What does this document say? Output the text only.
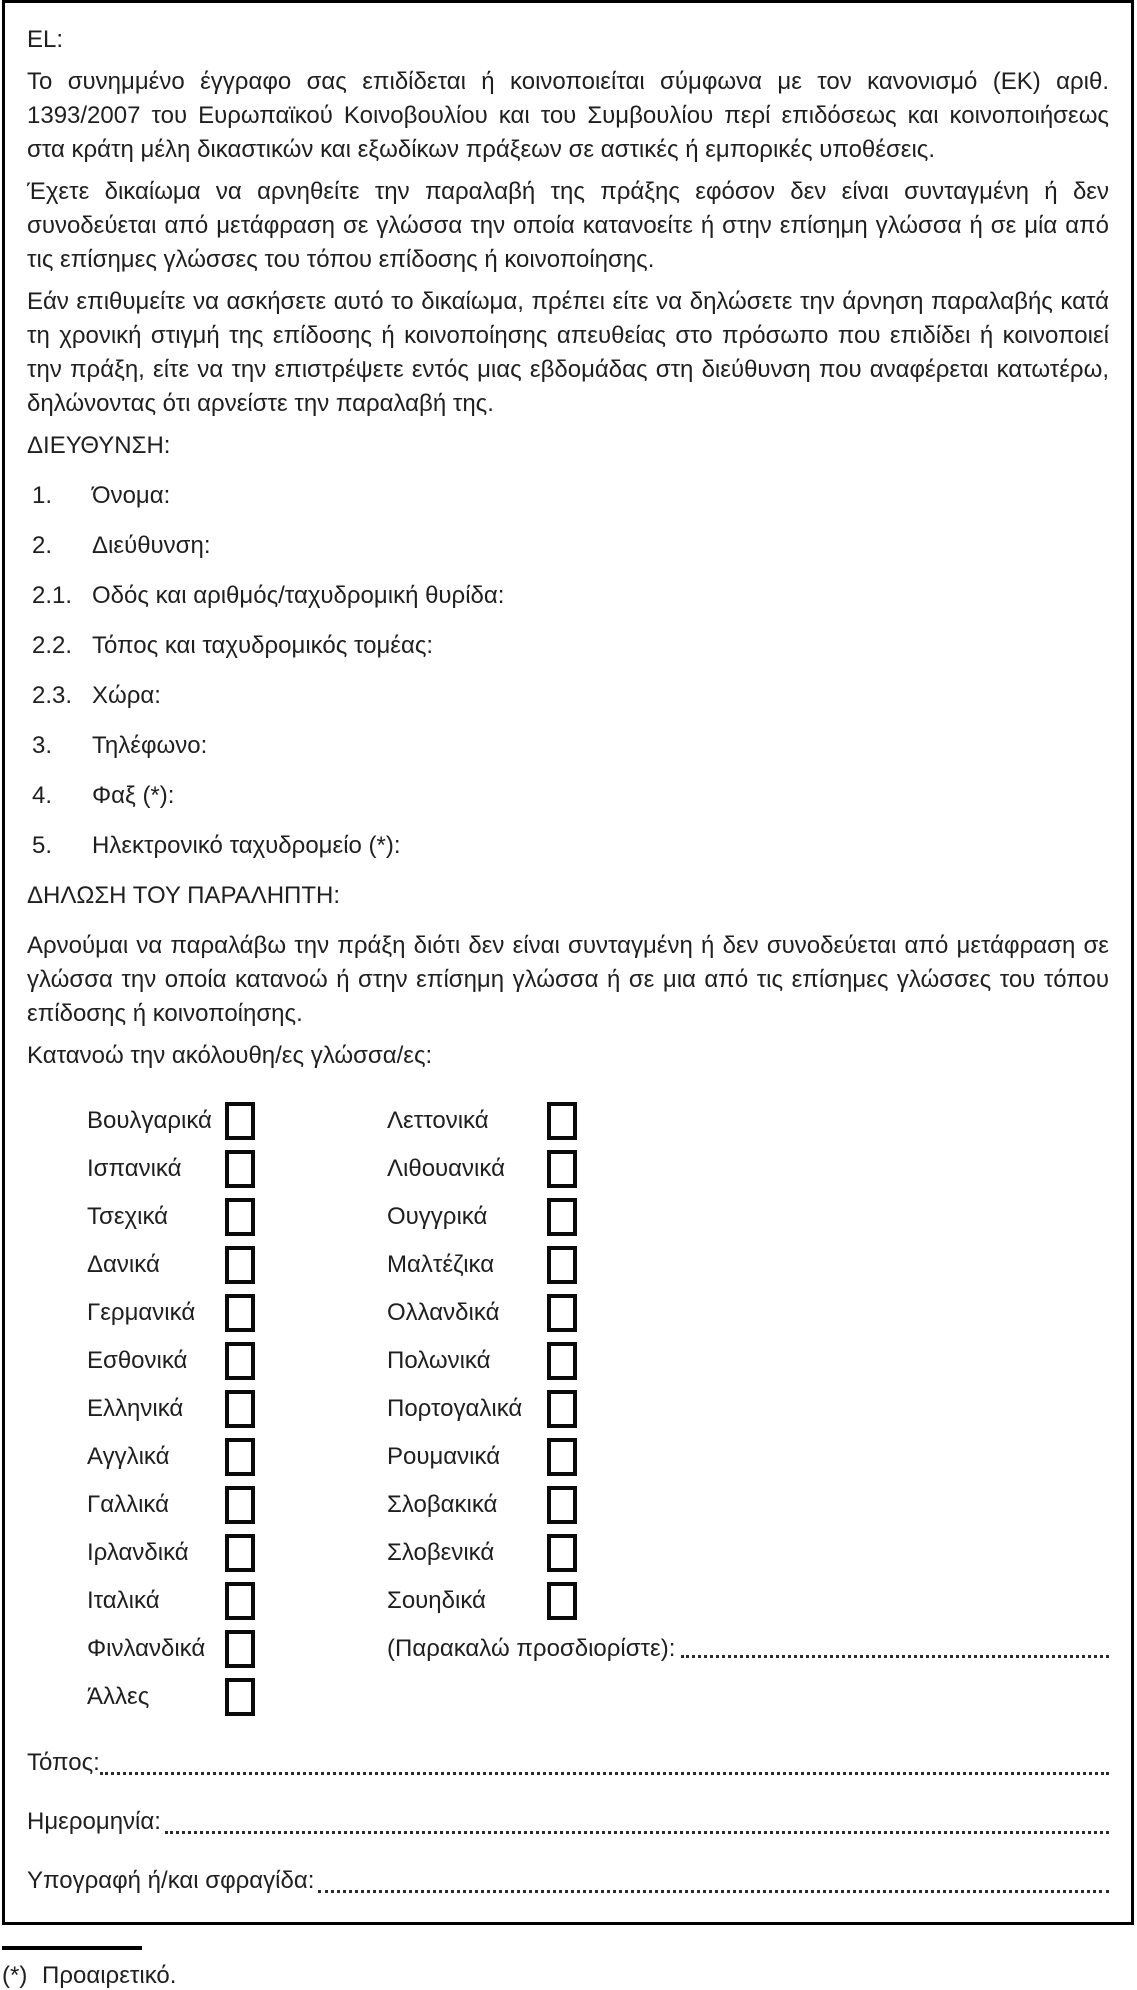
EL:

Το συνημμένο έγγραφο σας επιδίδεται ή κοινοποιείται σύμφωνα με τον κανονισμό (ΕΚ) αριθ. 1393/2007 του Ευρωπαϊκού Κοινοβουλίου και του Συμβουλίου περί επιδόσεως και κοινοποιήσεως στα κράτη μέλη δικαστικών και εξωδίκων πράξεων σε αστικές ή εμπορικές υποθέσεις.

Έχετε δικαίωμα να αρνηθείτε την παραλαβή της πράξης εφόσον δεν είναι συνταγμένη ή δεν συνοδεύεται από μετάφραση σε γλώσσα την οποία κατανοείτε ή στην επίσημη γλώσσα ή σε μία από τις επίσημες γλώσσες του τόπου επίδοσης ή κοινοποίησης.

Εάν επιθυμείτε να ασκήσετε αυτό το δικαίωμα, πρέπει είτε να δηλώσετε την άρνηση παραλαβής κατά τη χρονική στιγμή της επίδοσης ή κοινοποίησης απευθείας στο πρόσωπο που επιδίδει ή κοινοποιεί την πράξη, είτε να την επιστρέψετε εντός μιας εβδομάδας στη διεύθυνση που αναφέρεται κατωτέρω, δηλώνοντας ότι αρνείστε την παραλαβή της.

ΔΙΕΥΘΥΝΣΗ:
1.	Όνομα:
2.	Διεύθυνση:
2.1. Οδός και αριθμός/ταχυδρομική θυρίδα:
2.2. Τόπος και ταχυδρομικός τομέας:
2.3. Χώρα:
3.	Τηλέφωνο:
4.	Φαξ (*):
5.	Ηλεκτρονικό ταχυδρομείο (*):
ΔΗΛΩΣΗ ΤΟΥ ΠΑΡΑΛΗΠΤΗ:

Αρνούμαι να παραλάβω την πράξη διότι δεν είναι συνταγμένη ή δεν συνοδεύεται από μετάφραση σε γλώσσα την οποία κατανοώ ή στην επίσημη γλώσσα ή σε μια από τις επίσημες γλώσσες του τόπου επίδοσης ή κοινοποίησης.

Κατανοώ την ακόλουθη/ες γλώσσα/ες:
Βουλγαρικά	Λεττονικά
Ισπανικά	Λιθουανικά
Τσεχικά	Ουγγρικά
Δανικά	Μαλτέζικα
Γερμανικά	Ολλανδικά
Εσθονικά	Πολωνικά
Ελληνικά	Πορτογαλικά
Αγγλικά	Ρουμανικά
Γαλλικά	Σλοβακικά
Ιρλανδικά	Σλοβενικά
Ιταλικά	Σουηδικά
Φινλανδικά	(Παρακαλώ προσδιορίστε):
Άλλες
Τόπος:
Ημερομηνία:
Υπογραφή ή/και σφραγίδα:
(*) Προαιρετικό.
